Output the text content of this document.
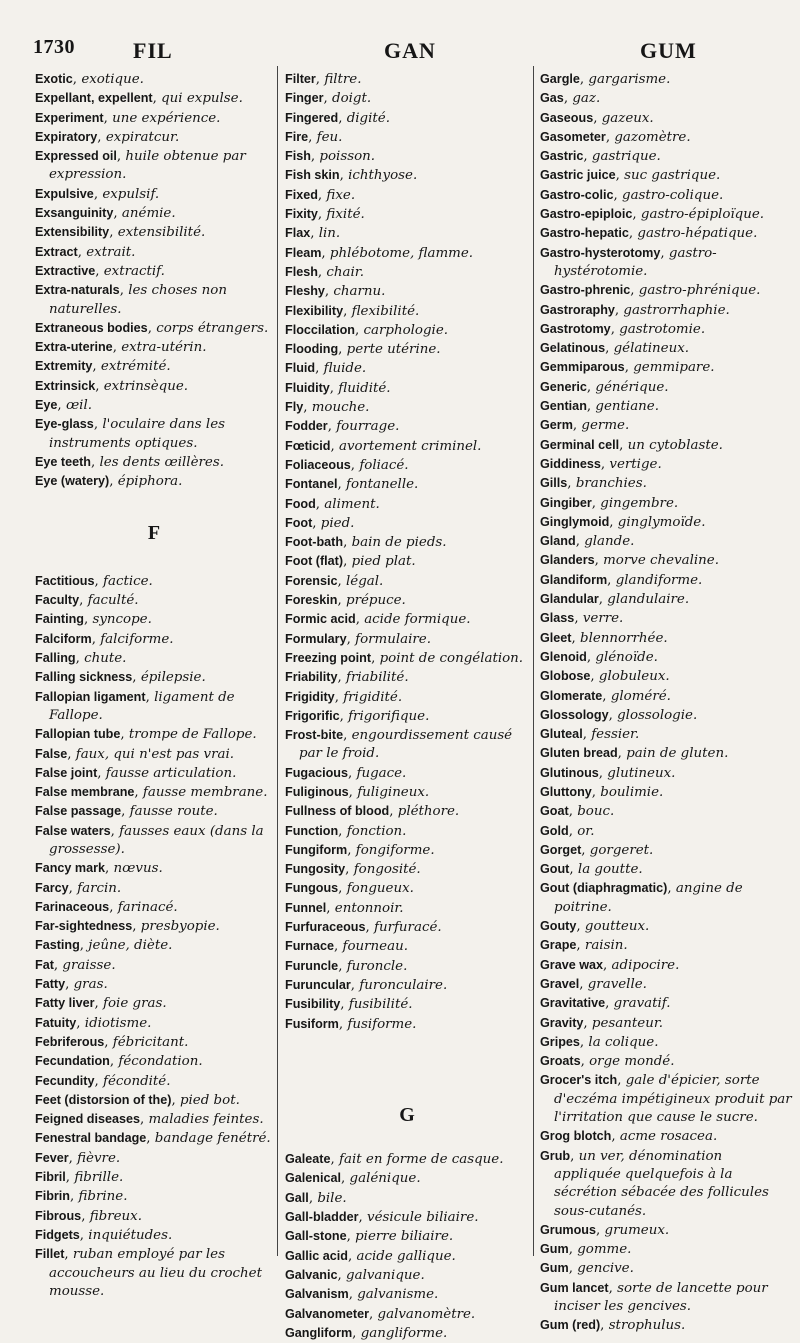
1730	FIL	GAN	GUM
Exotic, exotique.
Expellant, expellent, qui expulse.
Experiment, une expérience.
Expiratory, expiratcur.
Expressed oil, huile obtenue par expression.
Expulsive, expulsif.
Exsanguinity, anémie.
Extensibility, extensibilité.
Extract, extrait.
Extractive, extractif.
Extra-naturals, les choses non naturelles.
Extraneous bodies, corps étrangers.
Extra-uterine, extra-utérin.
Extremity, extrémité.
Extrinsick, extrinsèque.
Eye, œil.
Eye-glass, l'oculaire dans les instruments optiques.
Eye teeth, les dents œillères.
Eye (watery), épiphora.
F
Factitious, factice.
Faculty, faculté.
Fainting, syncope.
Falciform, falciforme.
Falling, chute.
Falling sickness, épilepsie.
Fallopian ligament, ligament de Fallope.
Fallopian tube, trompe de Fallope.
False, faux, qui n'est pas vrai.
False joint, fausse articulation.
False membrane, fausse membrane.
False passage, fausse route.
False waters, fausses eaux (dans la grossesse).
Fancy mark, nœvus.
Farcy, farcin.
Farinaceous, farinacé.
Far-sightedness, presbyopie.
Fasting, jeûne, diète.
Fat, graisse.
Fatty, gras.
Fatty liver, foie gras.
Fatuity, idiotisme.
Febriferous, fébricitant.
Fecundation, fécondation.
Fecundity, fécondité.
Feet (distorsion of the), pied bot.
Feigned diseases, maladies feintes.
Fenestral bandage, bandage fenétré.
Fever, fièvre.
Fibril, fibrille.
Fibrin, fibrine.
Fibrous, fibreux.
Fidgets, inquiétudes.
Fillet, ruban employé par les accoucheurs au lieu du crochet mousse.
Filter, filtre.
Finger, doigt.
Fingered, digité.
Fire, feu.
Fish, poisson.
Fish skin, ichthyose.
Fixed, fixe.
Fixity, fixité.
Flax, lin.
Fleam, phlébotome, flamme.
Flesh, chair.
Fleshy, charnu.
Flexibility, flexibilité.
Floccilation, carphologie.
Flooding, perte utérine.
Fluid, fluide.
Fluidity, fluidité.
Fly, mouche.
Fodder, fourrage.
Fœticid, avortement criminel.
Foliaceous, foliacé.
Fontanel, fontanelle.
Food, aliment.
Foot, pied.
Foot-bath, bain de pieds.
Foot (flat), pied plat.
Forensic, légal.
Foreskin, prépuce.
Formic acid, acide formique.
Formulary, formulaire.
Freezing point, point de congélation.
Friability, friabilité.
Frigidity, frigidité.
Frigorific, frigorifique.
Frost-bite, engourdissement causé par le froid.
Fugacious, fugace.
Fuliginous, fuligineux.
Fullness of blood, pléthore.
Function, fonction.
Fungiform, fongiforme.
Fungosity, fongosité.
Fungous, fongueux.
Funnel, entonnoir.
Furfuraceous, furfuracé.
Furnace, fourneau.
Furuncle, furoncle.
Furuncular, furonculaire.
Fusibility, fusibilité.
Fusiform, fusiforme.
G
Galeate, fait en forme de casque.
Galenical, galénique.
Gall, bile.
Gall-bladder, vésicule biliaire.
Gall-stone, pierre biliaire.
Gallic acid, acide gallique.
Galvanic, galvanique.
Galvanism, galvanisme.
Galvanometer, galvanomètre.
Gangliform, gangliforme.
Gargle, gargarisme.
Gas, gaz.
Gaseous, gazeux.
Gasometer, gazomètre.
Gastric, gastrique.
Gastric juice, suc gastrique.
Gastro-colic, gastro-colique.
Gastro-epiploic, gastro-épiploïque.
Gastro-hepatic, gastro-hépatique.
Gastro-hysterotomy, gastro-hystérotomie.
Gastro-phrenic, gastro-phrénique.
Gastroraphy, gastrorrhaphie.
Gastrotomy, gastrotomie.
Gelatinous, gélatineux.
Gemmiparous, gemmipare.
Generic, générique.
Gentian, gentiane.
Germ, germe.
Germinal cell, un cytoblaste.
Giddiness, vertige.
Gills, branchies.
Gingiber, gingembre.
Ginglymoid, ginglymoïde.
Gland, glande.
Glanders, morve chevaline.
Glandiform, glandiforme.
Glandular, glandulaire.
Glass, verre.
Gleet, blennorrhée.
Glenoid, glénoïde.
Globose, globuleux.
Glomerate, gloméré.
Glossology, glossologie.
Gluteal, fessier.
Gluten bread, pain de gluten.
Glutinous, glutineux.
Gluttony, boulimie.
Goat, bouc.
Gold, or.
Gorget, gorgeret.
Gout, la goutte.
Gout (diaphragmatic), angine de poitrine.
Gouty, goutteux.
Grape, raisin.
Grave wax, adipocire.
Gravel, gravelle.
Gravitative, gravatif.
Gravity, pesanteur.
Gripes, la colique.
Groats, orge mondé.
Grocer's itch, gale d'épicier, sorte d'eczéma impétigineux produit par l'irritation que cause le sucre.
Grog blotch, acme rosacea.
Grub, un ver, dénomination appliquée quelquefois à la sécrétion sébacée des follicules sous-cutanés.
Grumous, grumeux.
Gum, gomme.
Gum, gencive.
Gum lancet, sorte de lancette pour inciser les gencives.
Gum (red), strophulus.
